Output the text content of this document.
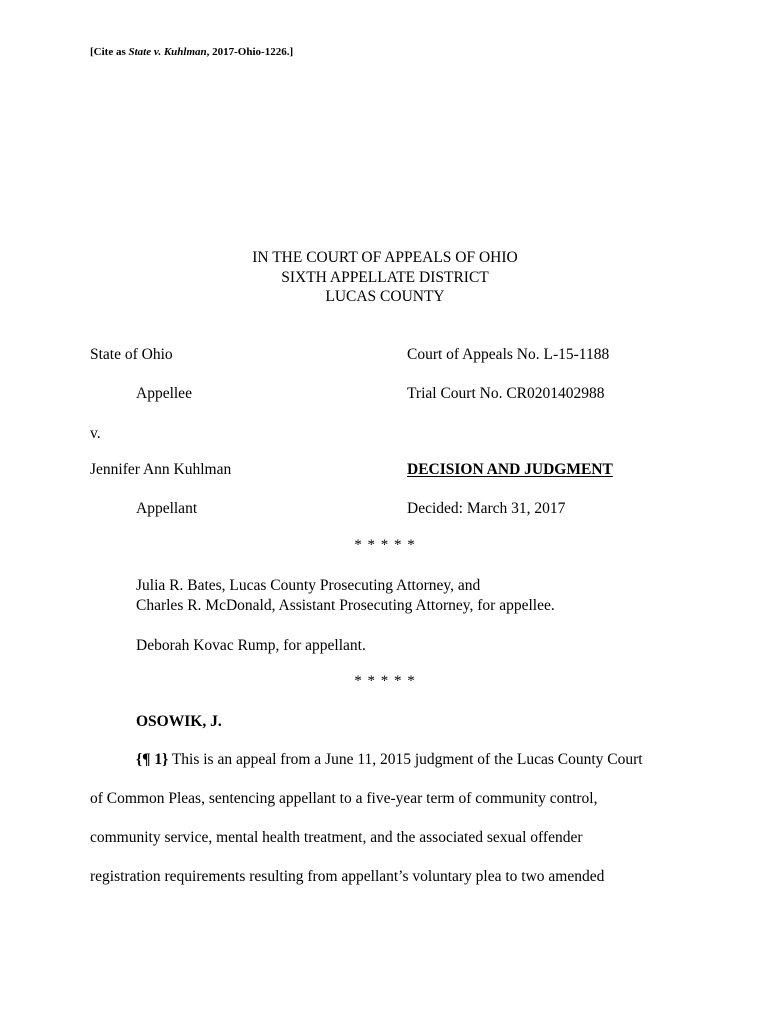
[Cite as State v. Kuhlman, 2017-Ohio-1226.]
IN THE COURT OF APPEALS OF OHIO
SIXTH APPELLATE DISTRICT
LUCAS COUNTY
State of Ohio	Court of Appeals No. L-15-1188
Appellee	Trial Court No. CR0201402988
v.
Jennifer Ann Kuhlman	DECISION AND JUDGMENT
Appellant	Decided: March 31, 2017
* * * * *
Julia R. Bates, Lucas County Prosecuting Attorney, and
Charles R. McDonald, Assistant Prosecuting Attorney, for appellee.
Deborah Kovac Rump, for appellant.
* * * * *
OSOWIK, J.
{¶ 1} This is an appeal from a June 11, 2015 judgment of the Lucas County Court
of Common Pleas, sentencing appellant to a five-year term of community control,
community service, mental health treatment, and the associated sexual offender
registration requirements resulting from appellant’s voluntary plea to two amended
